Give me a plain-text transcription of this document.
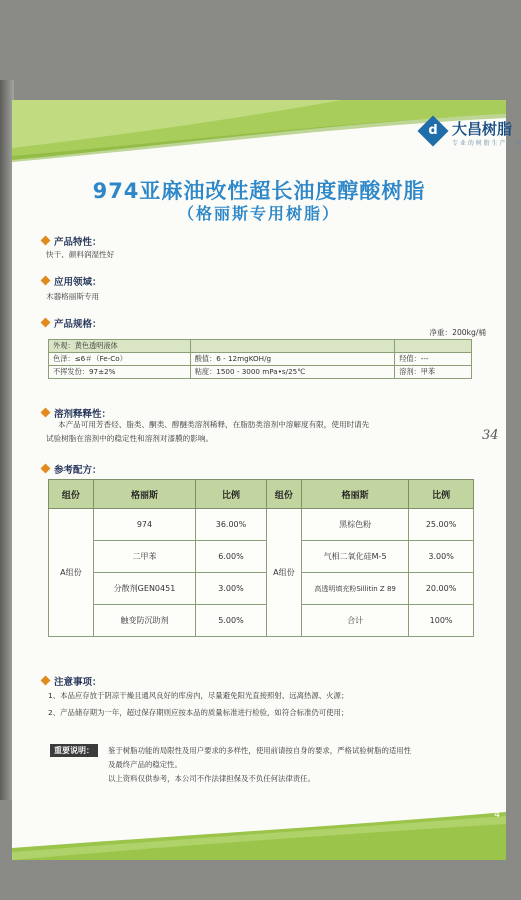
d 大昌树脂
专 业 的 树 脂 生 产 厂 商
974亚麻油改性超长油度醇酸树脂
（格丽斯专用树脂）
产品特性：
快干、颜料润湿性好
应用领域：
木器格丽斯专用
产品规格：
净重：200kg/桶
外观：黄色透明液体		
色泽：≤6＃（Fe-Co）	酸值：6 - 12mgKOH/g	羟值：---
不挥发份：97±2%	粘度：1500 - 3000 mPa•s/25℃	溶剂：甲苯
溶剂释释性：
本产品可用芳香烃、脂类、酮类、醇醚类溶剂稀释，在脂肪类溶剂中溶解度有限，使用时请先
试验树脂在溶剂中的稳定性和溶剂对漆膜的影响。	34
参考配方：
组份	格丽斯	比例	组份	格丽斯	比例
A组份	974	36.00%	A组份	黑棕色粉	25.00%
	二甲苯	6.00%		气相二氧化硅M-5	3.00%
	分散剂GEN0451	3.00%		高透明填充粉Sillitin Z 89	20.00%
	触变防沉助剂	5.00%		合计	100%
注意事项：
1、本品应存放于阴凉干燥且通风良好的库房内，尽量避免阳光直接照射、远离热源、火源；
2、产品储存期为一年，超过保存期则应按本品的质量标准进行检验，如符合标准仍可使用；
重要说明：	鉴于树脂功能的局限性及用户要求的多样性，使用前请按自身的要求，严格试验树脂的适用性
及最终产品的稳定性。
以上资料仅供参考，本公司不作法律担保及不负任何法律责任。
4
